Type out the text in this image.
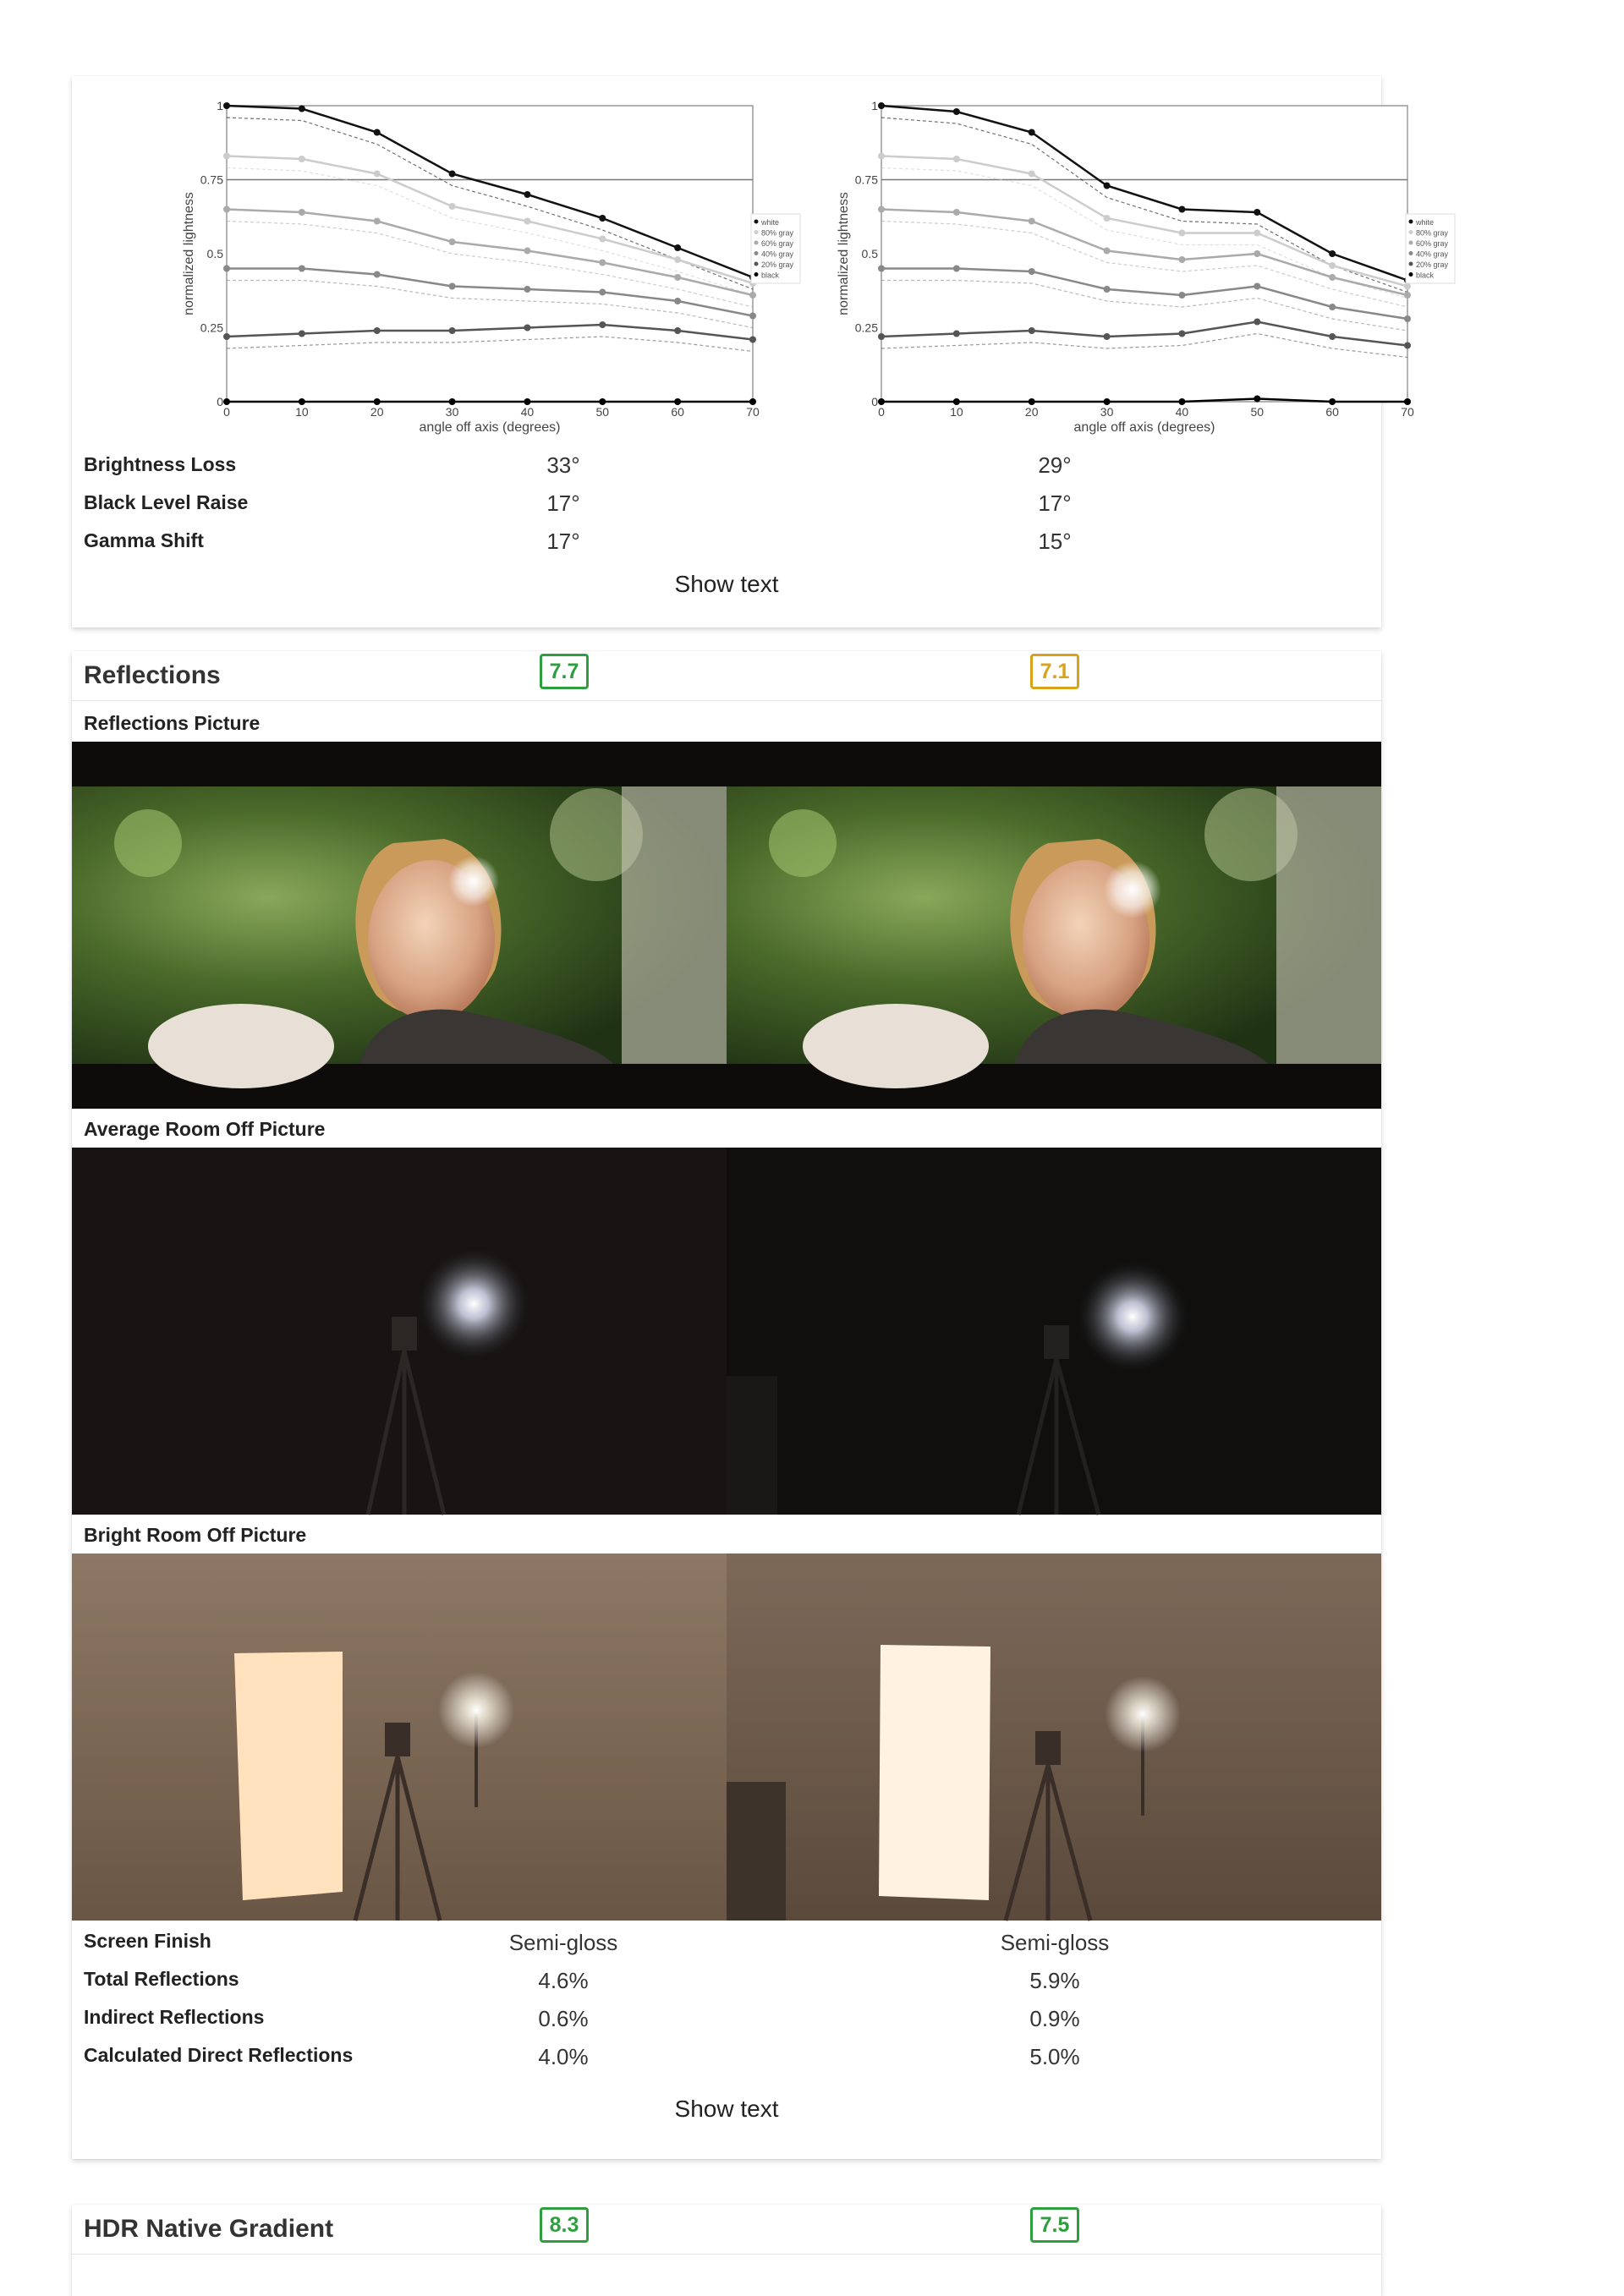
0
0.25
0.5
0.75
1
0	10	20	30	40	50	60	70
angle off axis (degrees)
normalized lightness	white
80% gray
60% gray
40% gray
20% gray
black
0
0.25
0.5
0.75
1
0	10	20	30	40	50	60	70
angle off axis (degrees)
normalized lightness	white
80% gray
60% gray
40% gray
20% gray
black
Brightness Loss	33°	29°
Black Level Raise	17°	17°
Gamma Shift	17°	15°
Show text
Reflections	7.7	7.1
Reflections Picture
Average Room Off Picture
Bright Room Off Picture
Screen Finish	Semi-gloss	Semi-gloss
Total Reflections	4.6%	5.9%
Indirect Reflections	0.6%	0.9%
Calculated Direct Reflections	4.0%	5.0%
Show text
HDR Native Gradient	8.3	7.5
